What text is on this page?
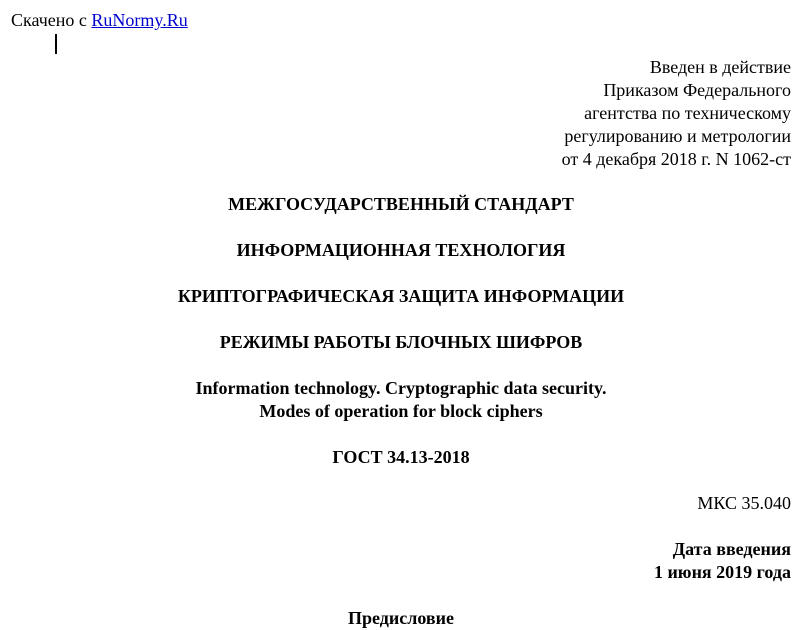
Скачено с RuNormy.Ru
Введен в действие
Приказом Федерального
агентства по техническому
регулированию и метрологии
от 4 декабря 2018 г. N 1062-ст
МЕЖГОСУДАРСТВЕННЫЙ СТАНДАРТ
ИНФОРМАЦИОННАЯ ТЕХНОЛОГИЯ
КРИПТОГРАФИЧЕСКАЯ ЗАЩИТА ИНФОРМАЦИИ
РЕЖИМЫ РАБОТЫ БЛОЧНЫХ ШИФРОВ
Information technology. Cryptographic data security.
Modes of operation for block ciphers
ГОСТ 34.13-2018
МКС 35.040
Дата введения
1 июня 2019 года
Предисловие
